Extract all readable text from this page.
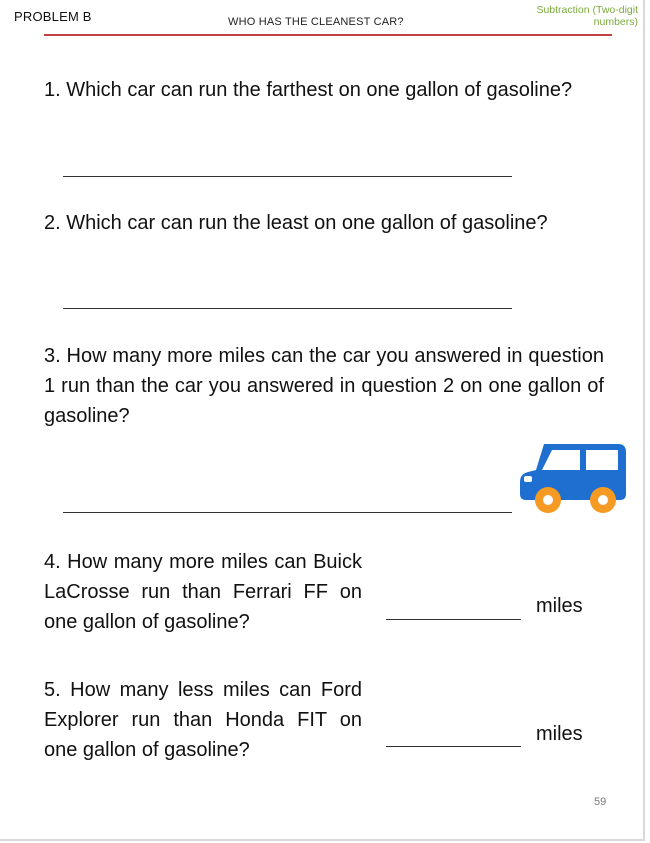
PROBLEM B	WHO HAS THE CLEANEST CAR?
Subtraction (Two-digit numbers)
1. Which car can run the farthest on one gallon of gasoline?
2. Which car can run the least on one gallon of gasoline?
3. How many more miles can the car you answered in question 1 run than the car you answered in question 2 on one gallon of gasoline?
4. How many more miles can Buick LaCrosse run than Ferrari FF on one gallon of gasoline?
miles
5. How many less miles can Ford Explorer run than Honda FIT on one gallon of gasoline?
miles
59
